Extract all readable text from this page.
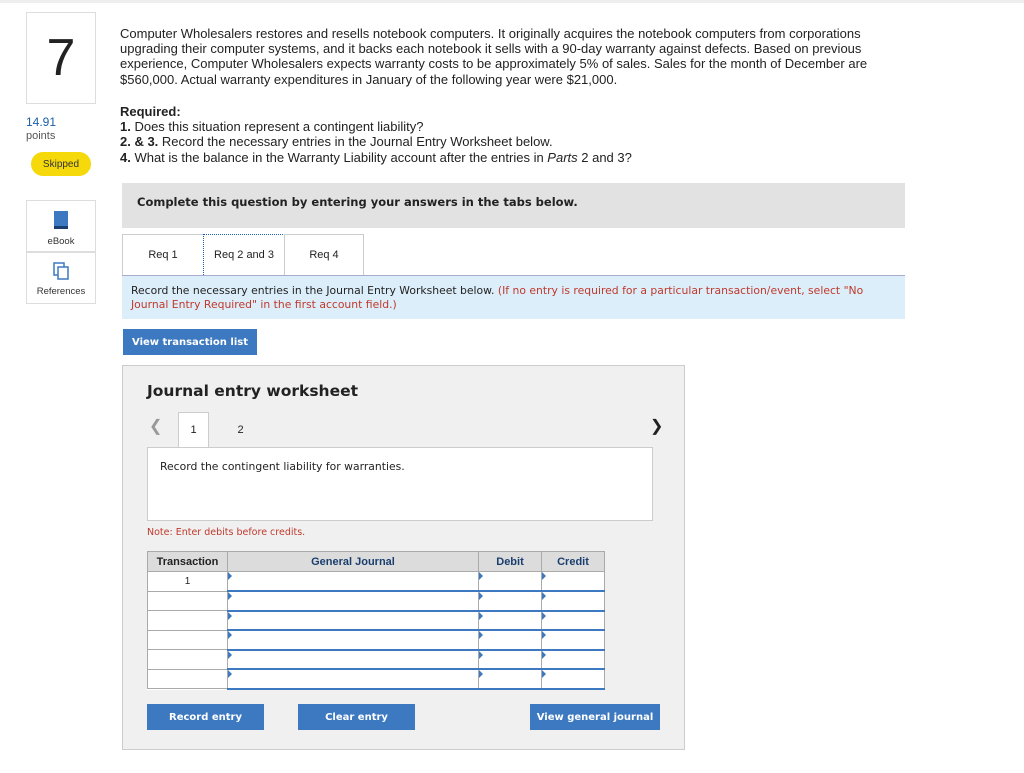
7
14.91
points
Skipped
eBook
References
Computer Wholesalers restores and resells notebook computers. It originally acquires the notebook computers from corporations upgrading their computer systems, and it backs each notebook it sells with a 90-day warranty against defects. Based on previous experience, Computer Wholesalers expects warranty costs to be approximately 5% of sales. Sales for the month of December are $560,000. Actual warranty expenditures in January of the following year were $21,000.
Required:
1. Does this situation represent a contingent liability?
2. & 3. Record the necessary entries in the Journal Entry Worksheet below.
4. What is the balance in the Warranty Liability account after the entries in Parts 2 and 3?
Complete this question by entering your answers in the tabs below.
Req 1	Req 2 and 3	Req 4
Record the necessary entries in the Journal Entry Worksheet below. (If no entry is required for a particular transaction/event, select "No Journal Entry Required" in the first account field.)
View transaction list
Journal entry worksheet
❮	1	2	❯
Record the contingent liability for warranties.
Note: Enter debits before credits.
Transaction	General Journal	Debit	Credit
1			

Record entry	Clear entry	View general journal
